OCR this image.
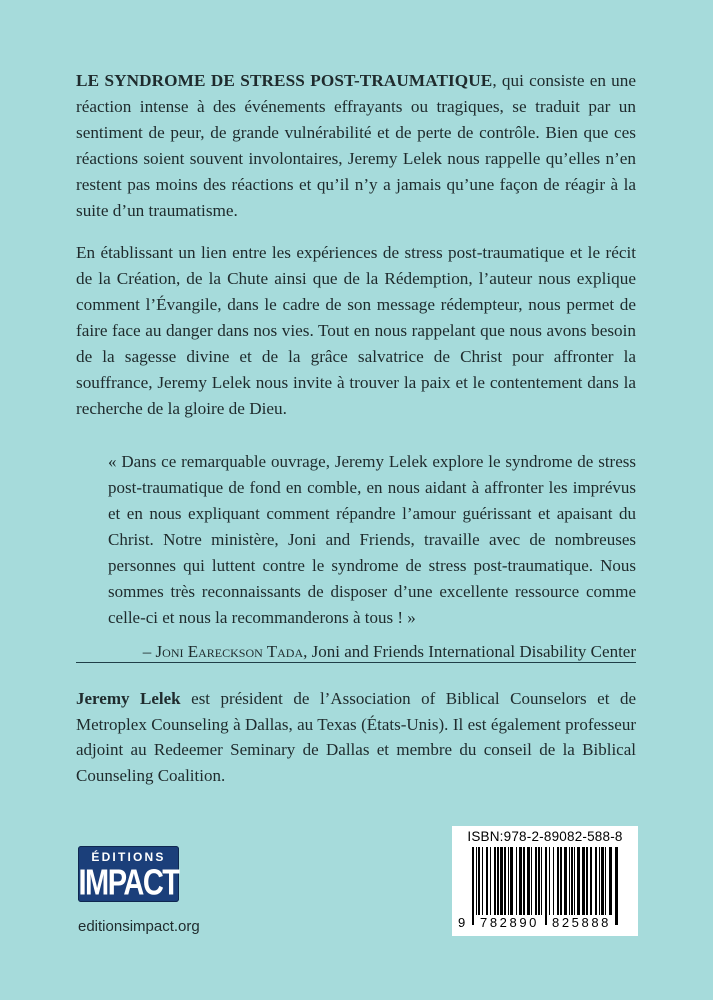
LE SYNDROME DE STRESS POST-TRAUMATIQUE, qui consiste en une réaction intense à des événements effrayants ou tragiques, se traduit par un sentiment de peur, de grande vulnérabilité et de perte de contrôle. Bien que ces réactions soient souvent involontaires, Jeremy Lelek nous rappelle qu’elles n’en restent pas moins des réactions et qu’il n’y a jamais qu’une façon de réagir à la suite d’un traumatisme.

En établissant un lien entre les expériences de stress post-traumatique et le récit de la Création, de la Chute ainsi que de la Rédemption, l’auteur nous explique comment l’Évangile, dans le cadre de son message rédempteur, nous permet de faire face au danger dans nos vies. Tout en nous rappelant que nous avons besoin de la sagesse divine et de la grâce salvatrice de Christ pour affronter la souffrance, Jeremy Lelek nous invite à trouver la paix et le contentement dans la recherche de la gloire de Dieu.

« Dans ce remarquable ouvrage, Jeremy Lelek explore le syndrome de stress post-traumatique de fond en comble, en nous aidant à affronter les imprévus et en nous expliquant comment répandre l’amour guérissant et apaisant du Christ. Notre ministère, Joni and Friends, travaille avec de nombreuses personnes qui luttent contre le syndrome de stress post-traumatique. Nous sommes très reconnaissants de disposer d’une excellente ressource comme celle-ci et nous la recommanderons à tous ! »
– Joni Eareckson Tada, Joni and Friends International Disability Center

Jeremy Lelek est président de l’Association of Biblical Counselors et de Metroplex Counseling à Dallas, au Texas (États-Unis). Il est également professeur adjoint au Redeemer Seminary de Dallas et membre du conseil de la Biblical Counseling Coalition.

ÉDITIONS
IMPACT
editionsimpact.org
ISBN:978-2-89082-588-8
9 782890 825888
